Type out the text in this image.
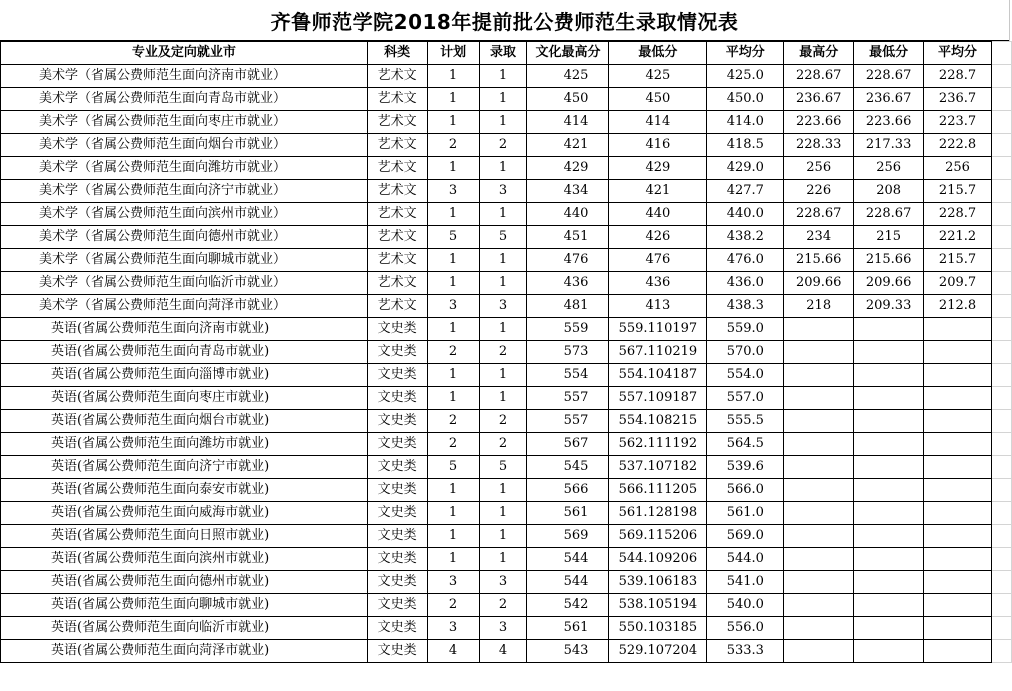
齐鲁师范学院2018年提前批公费师范生录取情况表
专业及定向就业市	科类	计划	录取	文化最高分	最低分	平均分	最高分	最低分	平均分	
美术学（省属公费师范生面向济南市就业）	艺术文	1	1	425	425	425.0	228.67	228.67	228.7	
美术学（省属公费师范生面向青岛市就业）	艺术文	1	1	450	450	450.0	236.67	236.67	236.7	
美术学（省属公费师范生面向枣庄市就业）	艺术文	1	1	414	414	414.0	223.66	223.66	223.7	
美术学（省属公费师范生面向烟台市就业）	艺术文	2	2	421	416	418.5	228.33	217.33	222.8	
美术学（省属公费师范生面向潍坊市就业）	艺术文	1	1	429	429	429.0	256	256	256	
美术学（省属公费师范生面向济宁市就业）	艺术文	3	3	434	421	427.7	226	208	215.7	
美术学（省属公费师范生面向滨州市就业）	艺术文	1	1	440	440	440.0	228.67	228.67	228.7	
美术学（省属公费师范生面向德州市就业）	艺术文	5	5	451	426	438.2	234	215	221.2	
美术学（省属公费师范生面向聊城市就业）	艺术文	1	1	476	476	476.0	215.66	215.66	215.7	
美术学（省属公费师范生面向临沂市就业）	艺术文	1	1	436	436	436.0	209.66	209.66	209.7	
美术学（省属公费师范生面向菏泽市就业）	艺术文	3	3	481	413	438.3	218	209.33	212.8	
英语(省属公费师范生面向济南市就业)	文史类	1	1	559	559.110197	559.0				
英语(省属公费师范生面向青岛市就业)	文史类	2	2	573	567.110219	570.0				
英语(省属公费师范生面向淄博市就业)	文史类	1	1	554	554.104187	554.0				
英语(省属公费师范生面向枣庄市就业)	文史类	1	1	557	557.109187	557.0				
英语(省属公费师范生面向烟台市就业)	文史类	2	2	557	554.108215	555.5				
英语(省属公费师范生面向潍坊市就业)	文史类	2	2	567	562.111192	564.5				
英语(省属公费师范生面向济宁市就业)	文史类	5	5	545	537.107182	539.6				
英语(省属公费师范生面向泰安市就业)	文史类	1	1	566	566.111205	566.0				
英语(省属公费师范生面向威海市就业)	文史类	1	1	561	561.128198	561.0				
英语(省属公费师范生面向日照市就业)	文史类	1	1	569	569.115206	569.0				
英语(省属公费师范生面向滨州市就业)	文史类	1	1	544	544.109206	544.0				
英语(省属公费师范生面向德州市就业)	文史类	3	3	544	539.106183	541.0				
英语(省属公费师范生面向聊城市就业)	文史类	2	2	542	538.105194	540.0				
英语(省属公费师范生面向临沂市就业)	文史类	3	3	561	550.103185	556.0				
英语(省属公费师范生面向菏泽市就业)	文史类	4	4	543	529.107204	533.3				
